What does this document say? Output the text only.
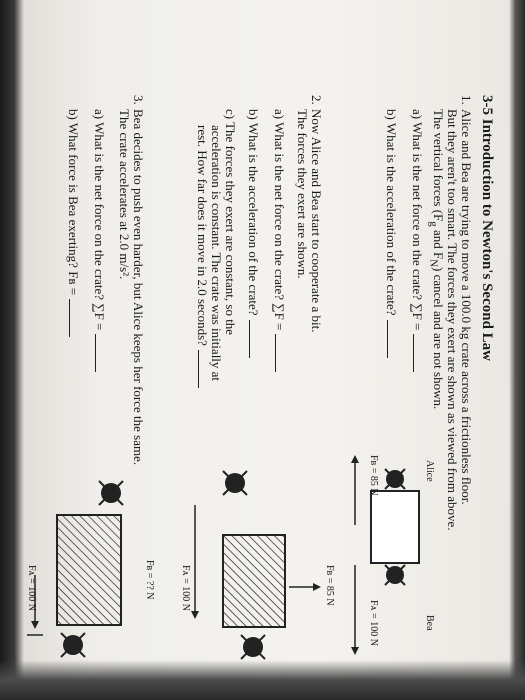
3-5 Introduction to Newton's Second Law
1.Alice and Bea are trying to move a 100.0 kg crate across a frictionless floor.
But they aren't too smart. The forces they exert are shown as viewed from above.
The vertical forces ($F_g$ and $F_N$) cancel and are not shown.
a) What is the net force on the crate? ∑F =
b) What is the acceleration of the crate?
Alice
Bea
Fʙ = 85 N
Fᴀ = 100 N
2.Now Alice and Bea start to cooperate a bit.
The forces they exert are shown.
a) What is the net force on the crate? ∑F =
b) What is the acceleration of the crate?
c) The forces they exert are constant, so the
acceleration is constant. The crate was initially at
rest. How far does it move in 2.0 seconds?
Fʙ = 85 N
Fᴀ = 100 N
3.Bea decides to push even harder, but Alice keeps her force the same.
The crate accelerates at 2.0 m/s².
a) What is the net force on the crate? ∑F =
b) What force is Bea exerting? Fʙ =
Fʙ = ?? N
Fᴀ = 100 N
